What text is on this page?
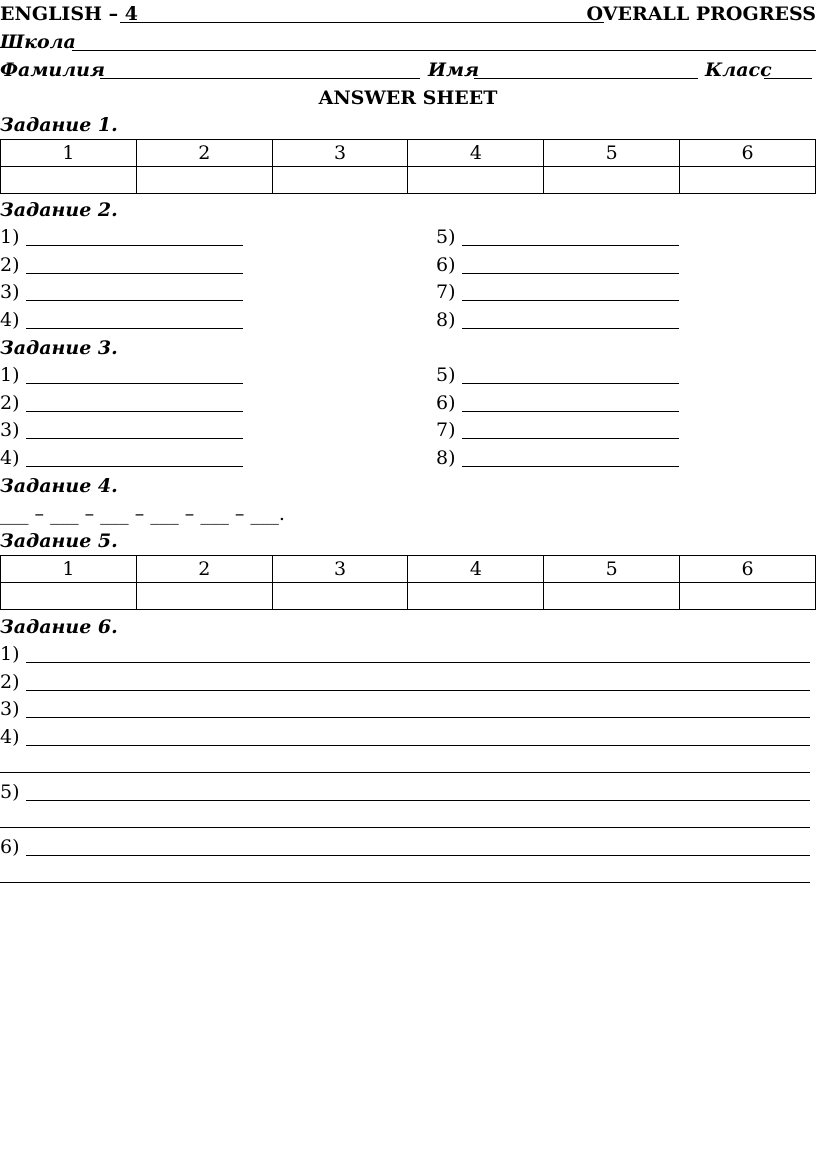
ENGLISH – 4	OVERALL PROGRESS
Школа
Фамилия	Имя	Класс
ANSWER SHEET
Задание 1.
1	2	3	4	5	6

Задание 2.
1)
2)
3)
4)
5)
6)
7)
8)
Задание 3.
1)
2)
3)
4)
5)
6)
7)
8)
Задание 4.
___ – ___ – ___ – ___ – ___ – ___.
Задание 5.
1	2	3	4	5	6

Задание 6.
1)
2)
3)
4)
5)
6)
